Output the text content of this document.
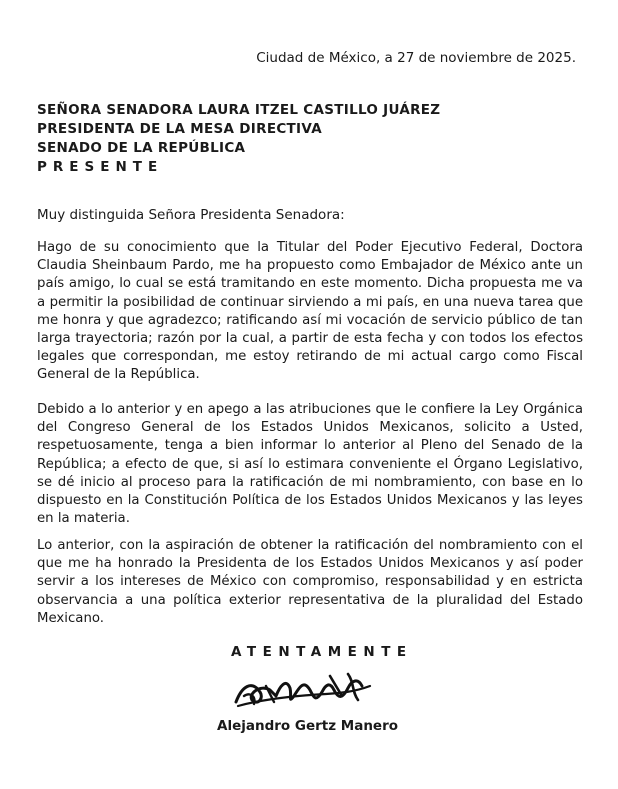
Ciudad de México, a 27 de noviembre de 2025.
SEÑORA SENADORA LAURA ITZEL CASTILLO JUÁREZ
PRESIDENTA DE LA MESA DIRECTIVA
SENADO DE LA REPÚBLICA
PRESENTE
Muy distinguida Señora Presidenta Senadora:
Hago de su conocimiento que la Titular del Poder Ejecutivo Federal, Doctora Claudia Sheinbaum Pardo, me ha propuesto como Embajador de México ante un país amigo, lo cual se está tramitando en este momento. Dicha propuesta me va a permitir la posibilidad de continuar sirviendo a mi país, en una nueva tarea que me honra y que agradezco; ratificando así mi vocación de servicio público de tan larga trayectoria; razón por la cual, a partir de esta fecha y con todos los efectos legales que correspondan, me estoy retirando de mi actual cargo como Fiscal General de la República.
Debido a lo anterior y en apego a las atribuciones que le confiere la Ley Orgánica del Congreso General de los Estados Unidos Mexicanos, solicito a Usted, respetuosamente, tenga a bien informar lo anterior al Pleno del Senado de la República; a efecto de que, si así lo estimara conveniente el Órgano Legislativo, se dé inicio al proceso para la ratificación de mi nombramiento, con base en lo dispuesto en la Constitución Política de los Estados Unidos Mexicanos y las leyes en la materia.
Lo anterior, con la aspiración de obtener la ratificación del nombramiento con el que me ha honrado la Presidenta de los Estados Unidos Mexicanos y así poder servir a los intereses de México con compromiso, responsabilidad y en estricta observancia a una política exterior representativa de la pluralidad del Estado Mexicano.
ATENTAMENTE
Alejandro Gertz Manero
